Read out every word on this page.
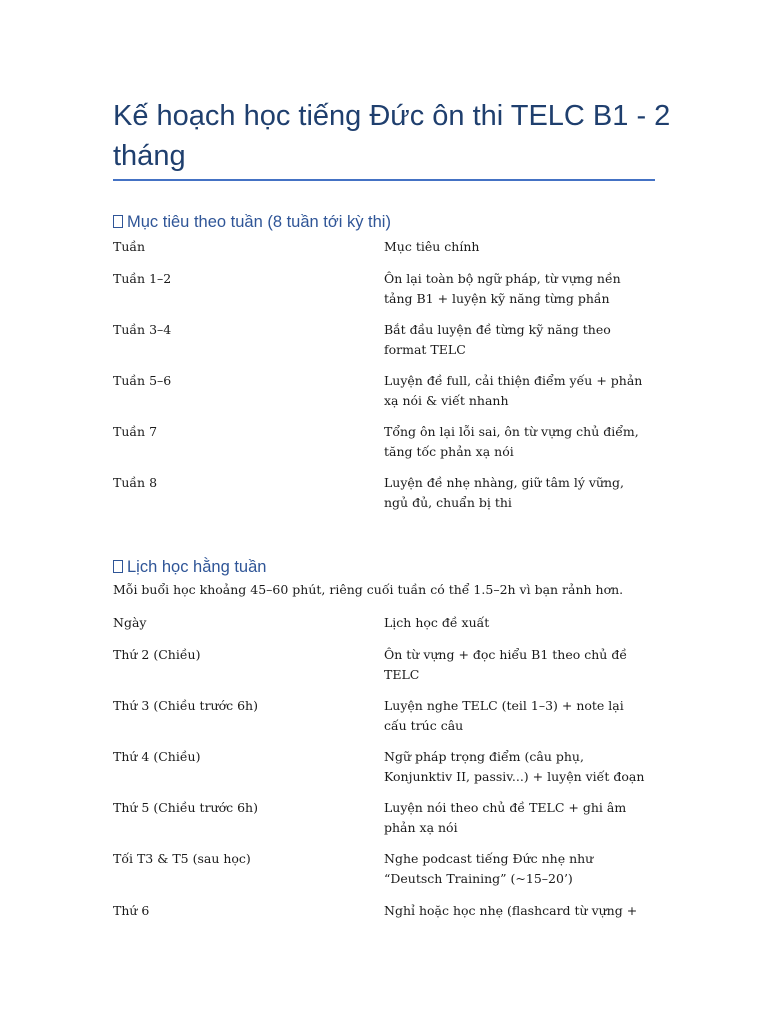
Kế hoạch học tiếng Đức ôn thi TELC B1 - 2 tháng
Mục tiêu theo tuần (8 tuần tới kỳ thi)
Tuần	Mục tiêu chính
Tuần 1–2	Ôn lại toàn bộ ngữ pháp, từ vựng nền tảng B1 + luyện kỹ năng từng phần
Tuần 3–4	Bắt đầu luyện đề từng kỹ năng theo format TELC
Tuần 5–6	Luyện đề full, cải thiện điểm yếu + phản xạ nói & viết nhanh
Tuần 7	Tổng ôn lại lỗi sai, ôn từ vựng chủ điểm, tăng tốc phản xạ nói
Tuần 8	Luyện đề nhẹ nhàng, giữ tâm lý vững, ngủ đủ, chuẩn bị thi
Lịch học hằng tuần

Mỗi buổi học khoảng 45–60 phút, riêng cuối tuần có thể 1.5–2h vì bạn rảnh hơn.

Ngày	Lịch học đề xuất
Thứ 2 (Chiều)	Ôn từ vựng + đọc hiểu B1 theo chủ đề TELC
Thứ 3 (Chiều trước 6h)	Luyện nghe TELC (teil 1–3) + note lại cấu trúc câu
Thứ 4 (Chiều)	Ngữ pháp trọng điểm (câu phụ, Konjunktiv II, passiv...) + luyện viết đoạn
Thứ 5 (Chiều trước 6h)	Luyện nói theo chủ đề TELC + ghi âm phản xạ nói
Tối T3 & T5 (sau học)	Nghe podcast tiếng Đức nhẹ như “Deutsch Training” (~15–20’)
Thứ 6	Nghỉ hoặc học nhẹ (flashcard từ vựng +
